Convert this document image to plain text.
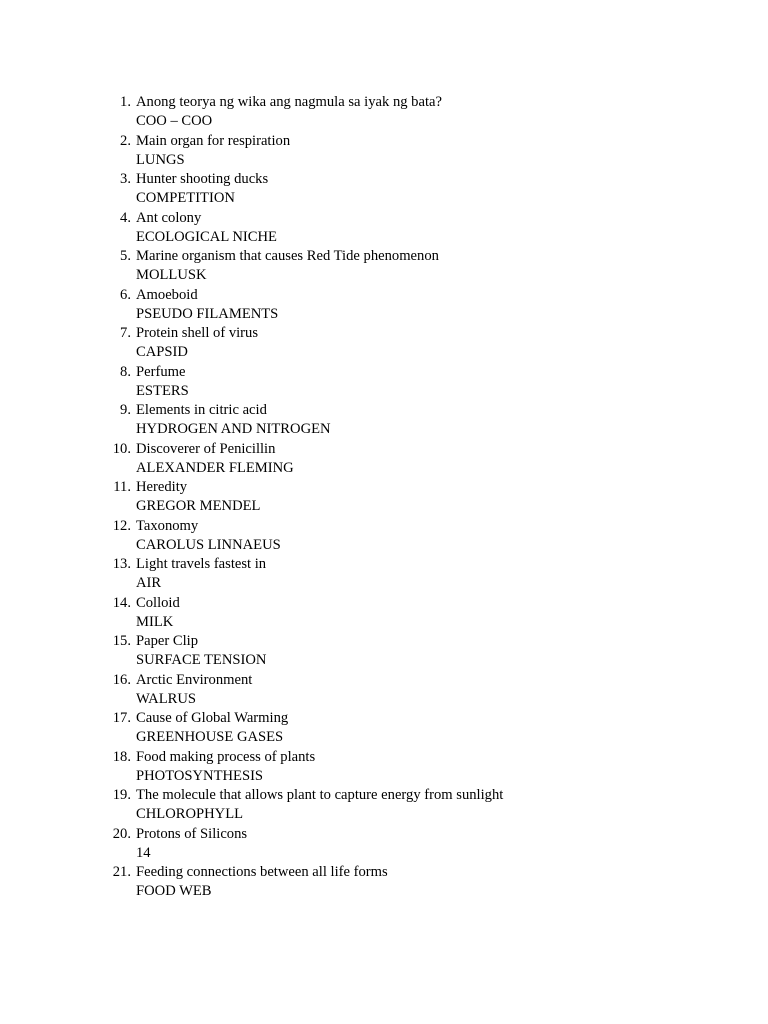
1. Anong teorya ng wika ang nagmula sa iyak ng bata?
COO – COO
2. Main organ for respiration
LUNGS
3. Hunter shooting ducks
COMPETITION
4. Ant colony
ECOLOGICAL NICHE
5. Marine organism that causes Red Tide phenomenon
MOLLUSK
6. Amoeboid
PSEUDO FILAMENTS
7. Protein shell of virus
CAPSID
8. Perfume
ESTERS
9. Elements in citric acid
HYDROGEN AND NITROGEN
10. Discoverer of Penicillin
ALEXANDER FLEMING
11. Heredity
GREGOR MENDEL
12. Taxonomy
CAROLUS LINNAEUS
13. Light travels fastest in
AIR
14. Colloid
MILK
15. Paper Clip
SURFACE TENSION
16. Arctic Environment
WALRUS
17. Cause of Global Warming
GREENHOUSE GASES
18. Food making process of plants
PHOTOSYNTHESIS
19. The molecule that allows plant to capture energy from sunlight
CHLOROPHYLL
20. Protons of Silicons
14
21. Feeding connections between all life forms
FOOD WEB
